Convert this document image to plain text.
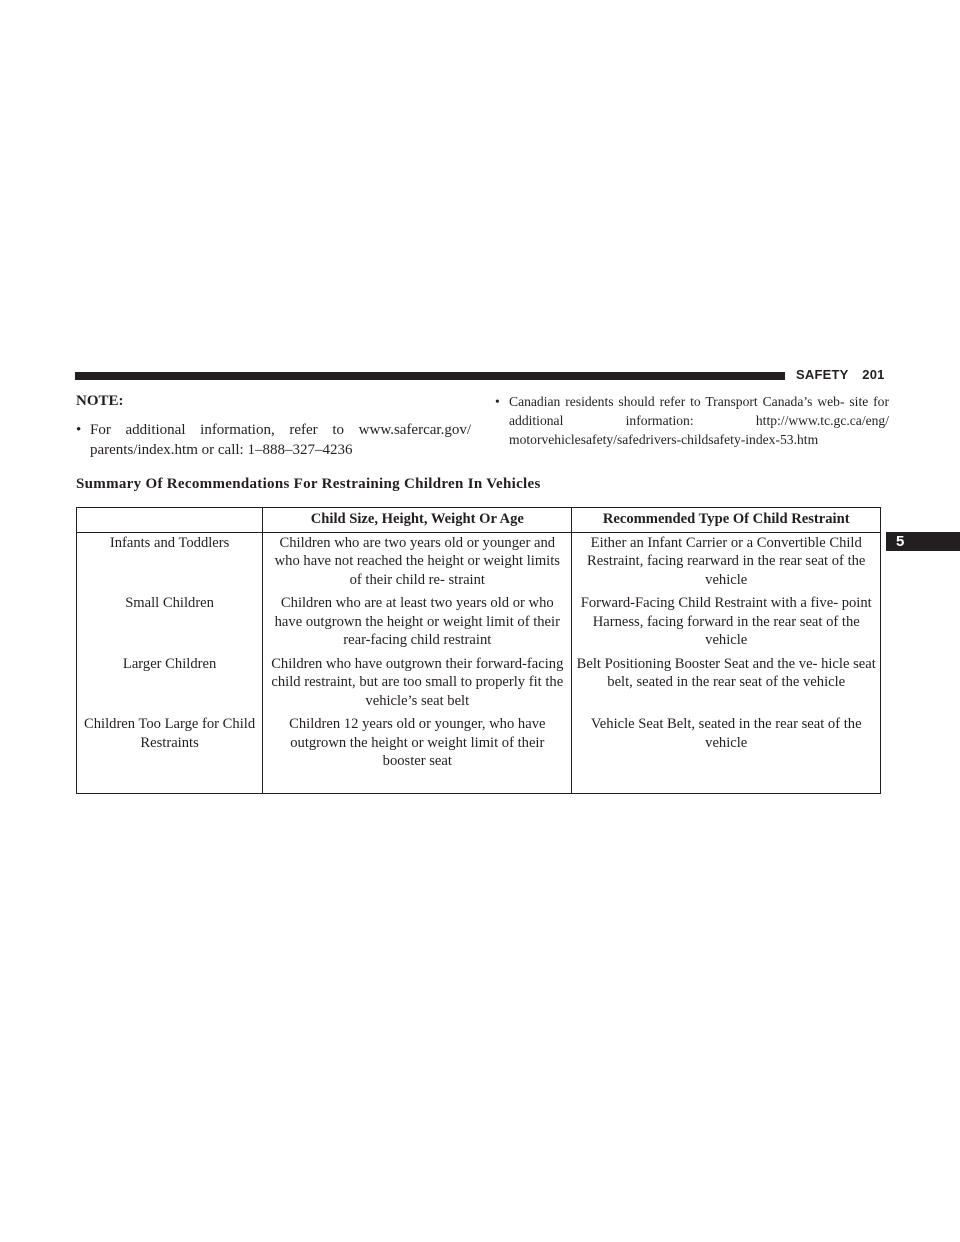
SAFETY 201
5
NOTE:
• For additional information, refer to www.safercar.gov/ parents/index.htm or call: 1–888–327–4236
• Canadian residents should refer to Transport Canada’s web- site for additional information: http://www.tc.gc.ca/eng/ motorvehiclesafety/safedrivers-childsafety-index-53.htm
Summary Of Recommendations For Restraining Children In Vehicles
	Child Size, Height, Weight Or Age	Recommended Type Of Child Restraint
Infants and Toddlers	Children who are two years old or younger and who have not reached the height or weight limits of their child re- straint	Either an Infant Carrier or a Convertible Child Restraint, facing rearward in the rear seat of the vehicle
Small Children	Children who are at least two years old or who have outgrown the height or weight limit of their rear-facing child restraint	Forward-Facing Child Restraint with a five- point Harness, facing forward in the rear seat of the vehicle
Larger Children	Children who have outgrown their forward-facing child restraint, but are too small to properly fit the vehicle’s seat belt	Belt Positioning Booster Seat and the ve- hicle seat belt, seated in the rear seat of the vehicle
Children Too Large for Child Restraints	Children 12 years old or younger, who have outgrown the height or weight limit of their booster seat	Vehicle Seat Belt, seated in the rear seat of the vehicle
